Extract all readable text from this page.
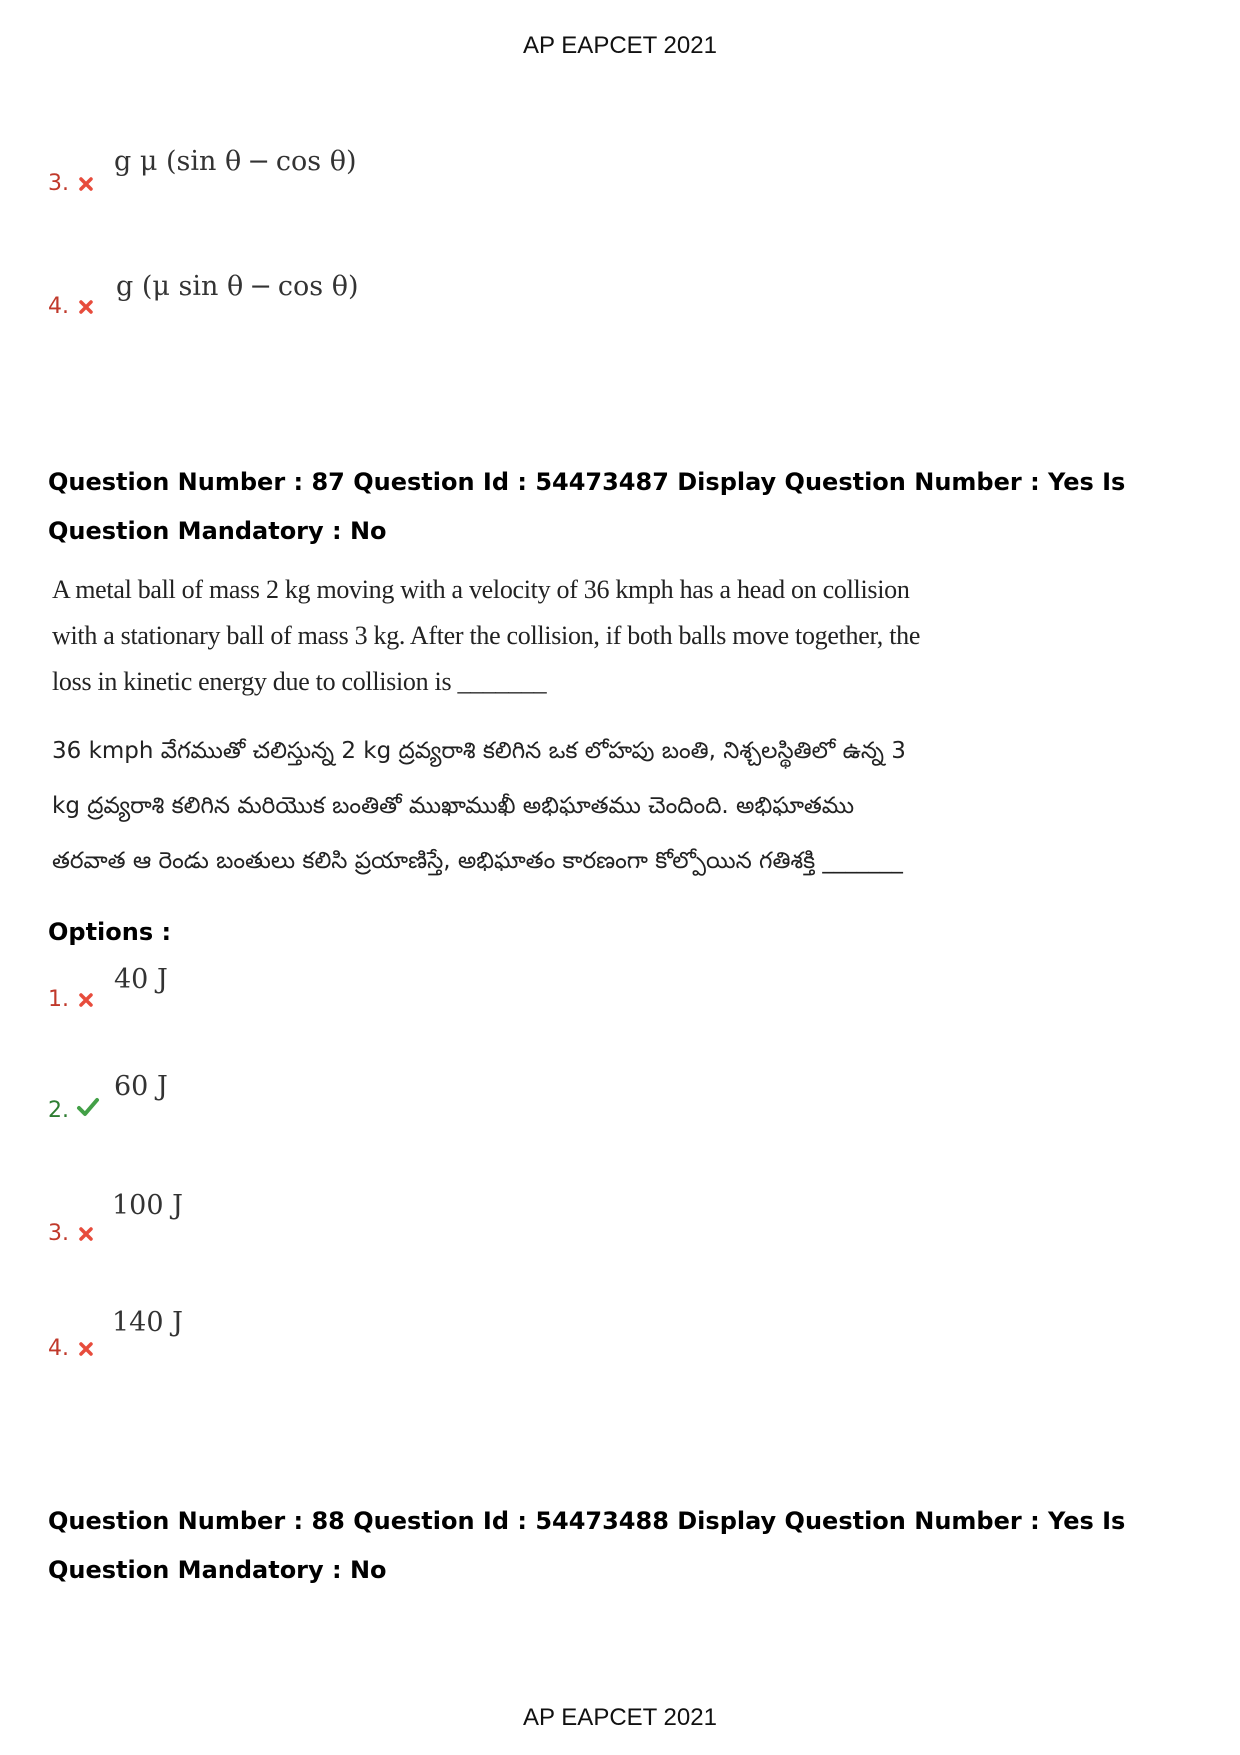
AP EAPCET 2021
3.
g μ (sin θ − cos θ)
4.
g (μ sin θ − cos θ)
Question Number : 87 Question Id : 54473487 Display Question Number : Yes Is Question Mandatory : No
A metal ball of mass 2 kg moving with a velocity of 36 kmph has a head on collision with a stationary ball of mass 3 kg. After the collision, if both balls move together, the loss in kinetic energy due to collision is _______
36 kmph వేగముతో చలిస్తున్న 2 kg ద్రవ్యరాశి కలిగిన ఒక లోహపు బంతి, నిశ్చలస్థితిలో ఉన్న 3 kg ద్రవ్యరాశి కలిగిన మరియొక బంతితో ముఖాముఖీ అభిఘాతము చెందింది. అభిఘాతము తరవాత ఆ రెండు బంతులు కలిసి ప్రయాణిస్తే, అభిఘాతం కారణంగా కోల్పోయిన గతిశక్తి _______
Options :
1.
40 J
2.
60 J
3.
100 J
4.
140 J
Question Number : 88 Question Id : 54473488 Display Question Number : Yes Is Question Mandatory : No
AP EAPCET 2021
